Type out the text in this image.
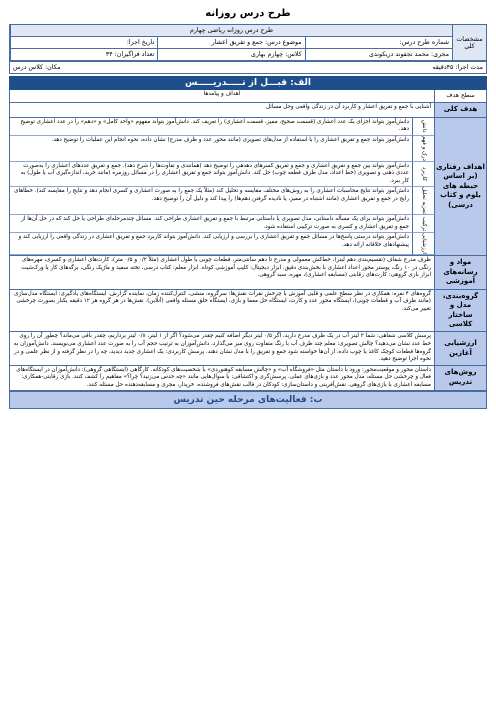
طرح درس روزانه
مشخصات کلی
طرح درس روزانه ریاضی چهارم
شماره طرح درس:
موضوع درس: جمع و تفریق اعشار
تاریخ اجرا:
مجری: محمد نجفوند دریکوندی
کلاس: چهارم بهاری
تعداد فراگیران: ۳۴
مدت اجرا: ۴۵دقیقه
مکان: کلاس درس
الف: قبـــل از تـــــدریـــــس
سطح هدف
اهداف و پیامدها
هدف کلی
آشنایی با جمع و تفریق اعشار و کاربرد آن در زندگی واقعی وحل مسائل
اهداف رفتاری (بر اساس حیطه های بلوم و کتاب درسی)
دانش
دانش‌آموز بتواند اجزای یک عدد اعشاری (قسمت صحیح، ممیز، قسمت اعشاری) را تعریف کند. دانش‌آموز بتواند مفهوم «واحد کامل» و «دهم» را در عدد اعشاری توضیح دهد.
درک و فهم
دانش‌آموز بتواند جمع و تفریق اعشاری را با استفاده از مدل‌های تصویری (مانند محور عدد و ظرف مدرج) نشان داده، نحوه انجام این عملیات را توضیح دهد.
کاربرد
دانش‌آموز بتواند بین جمع و تفریق اعشاری و جمع و تفریق کسرهای دهدهی را توضیح دهد (همانندی و تفاوت‌ها را شرح دهد). جمع و تفریق عددهای اعشاری را به‌صورت عددی ذهنی و تصویری (خط اعداد، مدل ظرف قطعه چوب) حل کند. دانش‌آموز بتواند جمع و تفریق اعشاری را در مسائل روزمره (مانند خرید، اندازه‌گیری آب یا طول) به کار ببرد.
تجزیه تحلیل
دانش‌آموز بتواند نتایج محاسبات اعشاری را به روش‌های مختلف مقایسه و تحلیل کند (مثلاً یک جمع را به صورت اعشاری و کسری انجام دهد و نتایج را مقایسه کند). خطاهای رایج در جمع و تفریق اعشاری (مانند اشتباه در ممیز، یا نادیده گرفتن دهم‌ها) را پیدا کند و دلیل آن را توضیح دهد.
ترکیب
دانش‌آموز بتواند برای یک مسأله داستانی، مدل تصویری یا داستانی مرتبط با جمع و تفریق اعشاری طراحی کند. مسائل چندمرحله‌ای طراحی یا حل کند که در حل آن‌ها از جمع و تفریق اعشاری و کسری به صورت ترکیبی استفاده شود.
ارزشیابی
دانش‌آموز بتواند درستی پاسخ‌ها در مسائل جمع و تفریق اعشاری را بررسی و ارزیابی کند. دانش‌آموز بتواند کاربرد جمع و تفریق اعشاری در زندگی واقعی را ارزیابی کند و پیشنهادهای خلاقانه ارائه دهد.
مواد و رسانه‌های آموزشی
ظرف مدرج شفاف (تقسیم‌بندی دهم لیتر)، خط‌کش معمولی و مدرج تا دهم سانتی‌متر، قطعات چوبی یا طول اعشاری (مثلاً ۰/۲ و ۰/۵ متر)، کارت‌های اعشاری و کسری، مهره‌های رنگی در ۱۰ رنگ، پوستر محور اعداد اعشاری با بخش‌بندی دقیق. ابزار دیجیتال: کلیپ آموزشی کوتاه. ابزار معلم: کتاب درسی، تخته سفید و ماژیک رنگی، برگه‌های کار یا ورک‌شیت ابزار بازی گروهی: کارت‌های رقابتی (مسابقه اعشاری)، مهره، سبد گروهی.
گروه‌بندی، مدل و ساختار کلاسی
گروه‌های ۴ نفره: همکاری در نظر سطح علمی و قلبی آموزش با چرخش نقرات نقش‌ها: سرگروه، منشی، کنترل‌کننده زمان، نماینده گزارش. ایستگاه‌های یادگیری: ایستگاه مدل‌سازی (مانند ظرف آب و قطعات چوبی)، ایستگاه محور عدد و کارت، ایستگاه حل معما و بازی، ایستگاه خلق مسئله واقعی (آنلاین). نقش‌ها در هر گروه هر ۱۲ دقیقه یکبار بصورت چرخشی تغییر می‌کند.
ارزشیابی آغازین
پرسش کلاسی شفاهی: شما ۲ لیتر آب در یک ظرف مدرج دارید، اگر ۰/۵ لیتر دیگر اضافه کنیم چقدر می‌شود؟ اگر از ۱ لیتر، ۰/۸ لیتر برداریم، چقدر باقی می‌ماند؟ چطور آن را روی خط عدد نشان می‌دهید؟ چالش تصویری: معلم چند ظرف آب با رنگ متفاوت روی میز می‌گذارد، دانش‌آموزان به ترتیب حجم آب را به صورت عدد اعشاری می‌نویسند. دانش‌آموزان به گروه‌ها قطعات کوچک کاغذ یا چوب داده، از آن‌ها خواسته شود جمع و تفریق را با مدل نشان دهند. پرسش کاربردی: یک اعشاری جدید دیدید، چه را در نظر گرفته و از نظر علمی و در نحوه اجرا توضیح دهید.
روش‌های تدریس
داستان محور و موقعیت‌محور: ورود با داستان مثل «فروشگاه آب» و «چالش مسابقه کوهنوردی» با شخصیت‌های کودکانه. کارگاهی (ایستگاهی گروهی): دانش‌آموزان در ایستگاه‌های فعال و چرخشی حل مسئله، مدل محور عدد و بازی‌های عملی. پرسش‌گری و اکتشافی: با سوال‌هایی مانند «چه حدس می‌زنید؟ چرا؟» مفاهیم را کشف کنند. بازی رقابتی-همکاری: مسابقه اعشاری با بازی‌های گروهی. نقش‌آفرینی و داستان‌سازی: کودکان در قالب نقش‌های فروشنده، خریدار، مجری و مسابقه‌دهنده حل مسئله کنند.
ب: فعالیت‌های مرحله حین تدریس
